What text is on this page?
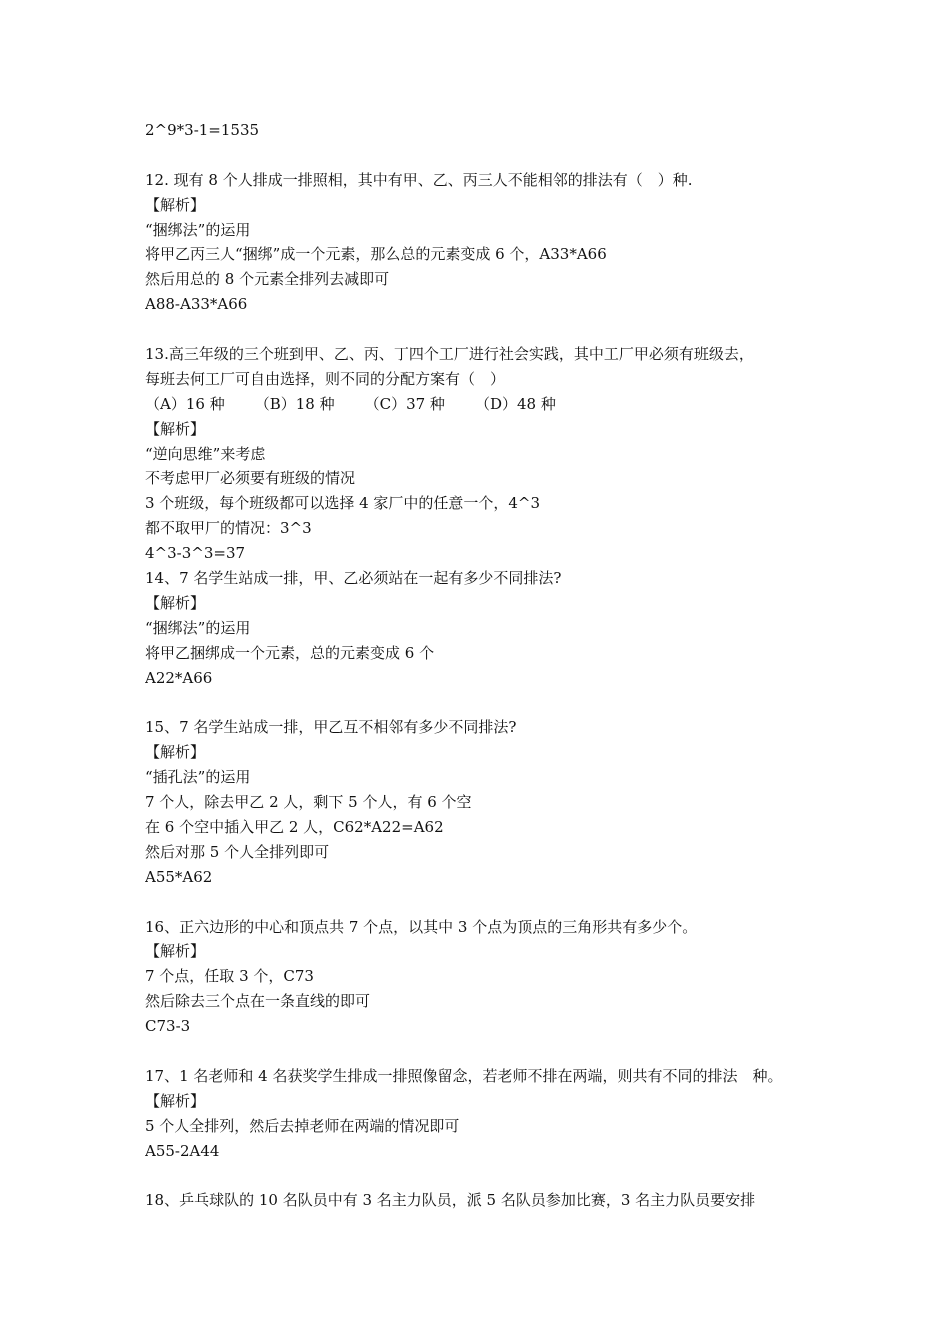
2^9*3-1=1535
12. 现有 8 个人排成一排照相，其中有甲、乙、丙三人不能相邻的排法有（　）种.
【解析】
“捆绑法”的运用
将甲乙丙三人“捆绑”成一个元素，那么总的元素变成 6 个，A33*A66
然后用总的 8 个元素全排列去减即可
A88-A33*A66
13.高三年级的三个班到甲、乙、丙、丁四个工厂进行社会实践，其中工厂甲必须有班级去，
每班去何工厂可自由选择，则不同的分配方案有（　）
（A）16 种 （B）18 种 （C）37 种 （D）48 种
【解析】
“逆向思维”来考虑
不考虑甲厂必须要有班级的情况
3 个班级，每个班级都可以选择 4 家厂中的任意一个，4^3
都不取甲厂的情况：3^3
4^3-3^3=37
14、7 名学生站成一排，甲、乙必须站在一起有多少不同排法?
【解析】
“捆绑法”的运用
将甲乙捆绑成一个元素，总的元素变成 6 个
A22*A66
15、7 名学生站成一排，甲乙互不相邻有多少不同排法?
【解析】
“插孔法”的运用
7 个人，除去甲乙 2 人，剩下 5 个人，有 6 个空
在 6 个空中插入甲乙 2 人，C62*A22=A62
然后对那 5 个人全排列即可
A55*A62
16、正六边形的中心和顶点共 7 个点，以其中 3 个点为顶点的三角形共有多少个。
【解析】
7 个点，任取 3 个，C73
然后除去三个点在一条直线的即可
C73-3
17、1 名老师和 4 名获奖学生排成一排照像留念，若老师不排在两端，则共有不同的排法　种。
【解析】
5 个人全排列，然后去掉老师在两端的情况即可
A55-2A44
18、乒乓球队的 10 名队员中有 3 名主力队员，派 5 名队员参加比赛，3 名主力队员要安排
